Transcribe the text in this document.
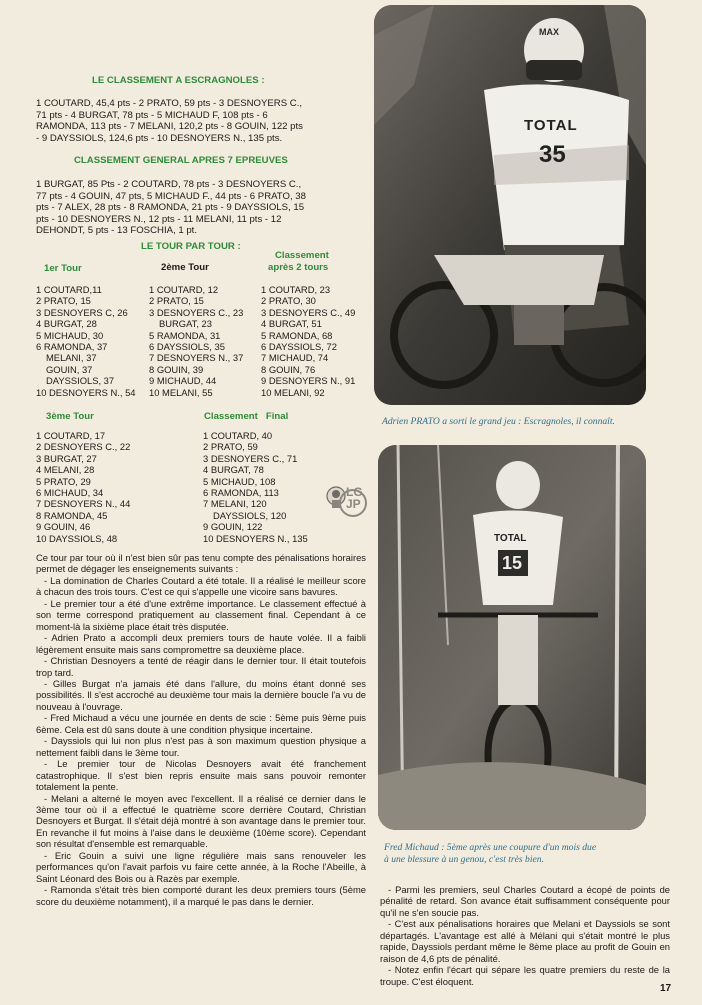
LE CLASSEMENT A ESCRAGNOLES :
1 COUTARD, 45,4 pts - 2 PRATO, 59 pts - 3 DESNOYERS C.,
71 pts - 4 BURGAT, 78 pts - 5 MICHAUD F, 108 pts - 6
RAMONDA, 113 pts - 7 MELANI, 120,2 pts - 8 GOUIN, 122 pts
- 9 DAYSSIOLS, 124,6 pts - 10 DESNOYERS N., 135 pts.
CLASSEMENT GENERAL APRES 7 EPREUVES
1 BURGAT, 85 Pts - 2 COUTARD, 78 pts - 3 DESNOYERS C.,
77 pts - 4 GOUIN, 47 pts, 5 MICHAUD F., 44 pts - 6 PRATO, 38
pts - 7 ALEX, 28 pts - 8 RAMONDA, 21 pts - 9 DAYSSIOLS, 15
pts - 10 DESNOYERS N., 12 pts - 11 MELANI, 11 pts - 12
DEHONDT, 5 pts - 13 FOSCHIA, 1 pt.
LE TOUR PAR TOUR :
Classement
après 2 tours
1er Tour	2ème Tour
1 COUTARD,11
2 PRATO, 15
3 DESNOYERS C, 26
4 BURGAT, 28
5 MICHAUD, 30
6 RAMONDA, 37
MELANI, 37
GOUIN, 37
DAYSSIOLS, 37
10 DESNOYERS N., 54
1 COUTARD, 12
2 PRATO, 15
3 DESNOYERS C., 23
BURGAT, 23
5 RAMONDA, 31
6 DAYSSIOLS, 35
7 DESNOYERS N., 37
8 GOUIN, 39
9 MICHAUD, 44
10 MELANI, 55
1 COUTARD, 23
2 PRATO, 30
3 DESNOYERS C., 49
4 BURGAT, 51
5 RAMONDA, 68
6 DAYSSIOLS, 72
7 MICHAUD, 74
8 GOUIN, 76
9 DESNOYERS N., 91
10 MELANI, 92
3ème Tour	Classement   Final
1 COUTARD, 17
2 DESNOYERS C., 22
3 BURGAT, 27
4 MELANI, 28
5 PRATO, 29
6 MICHAUD, 34
7 DESNOYERS N., 44
8 RAMONDA, 45
9 GOUIN, 46
10 DAYSSIOLS, 48
1 COUTARD, 40
2 PRATO, 59
3 DESNOYERS C., 71
4 BURGAT, 78
5 MICHAUD, 108
6 RAMONDA, 113
7 MELANI, 120
DAYSSIOLS, 120
9 GOUIN, 122
10 DESNOYERS N., 135
LG JP

Ce tour par tour où il n'est bien sûr pas tenu compte des pénalisations horaires permet de dégager les enseignements suivants :

- La domination de Charles Coutard a été totale. Il a réalisé le meilleur score à chacun des trois tours. C'est ce qui s'appelle une vicoire sans bavures.

- Le premier tour a été d'une extrême importance. Le classement effectué à son terme correspond pratiquement au classement final. Cependant à ce moment-là la sixième place était très disputée.

- Adrien Prato a accompli deux premiers tours de haute volée. Il a faibli légèrement ensuite mais sans compromettre sa deuxième place.

- Christian Desnoyers a tenté de réagir dans le dernier tour. Il était toutefois trop tard.

- Gilles Burgat n'a jamais été dans l'allure, du moins étant donné ses possibilités. Il s'est accroché au deuxième tour mais la dernière boucle l'a vu de nouveau à l'ouvrage.

- Fred Michaud a vécu une journée en dents de scie : 5ème puis 9ème puis 6ème. Cela est dû sans doute à une condition physique incertaine.

- Dayssiols qui lui non plus n'est pas à son maximum question physique a nettement faibli dans le 3ème tour.

- Le premier tour de Nicolas Desnoyers avait été franchement catastrophique. Il s'est bien repris ensuite mais sans pouvoir remonter totalement la pente.

- Melani a alterné le moyen avec l'excellent. Il a réalisé ce dernier dans le 3ème tour où il a effectué le quatrième score derrière Coutard, Christian Desnoyers et Burgat. Il s'était déjà montré à son avantage dans le premier tour. En revanche il fut moins à l'aise dans le deuxième (10ème score). Cependant son résultat d'ensemble est remarquable.

- Eric Gouin a suivi une ligne régulière mais sans renouveler les performances qu'on l'avait parfois vu faire cette année, à la Roche l'Abeille, à Saint Léonard des Bois ou à Razès par exemple.

- Ramonda s'était très bien comporté durant les deux premiers tours (5ème score du deuxième notamment), il a marqué le pas dans le dernier.

MAX
TOTAL
35
Adrien PRATO a sorti le grand jeu : Escragnoles, il connaît.
TOTAL
15
Fred Michaud : 5ème après une coupure d'un mois due
à une blessure à un genou, c'est très bien.

- Parmi les premiers, seul Charles Coutard a écopé de points de pénalité de retard. Son avance était suffisamment conséquente pour qu'il ne s'en soucie pas.

- C'est aux pénalisations horaires que Melani et Dayssiols se sont départagés. L'avantage est allé à Mélani qui s'était montré le plus rapide, Dayssiols perdant même le 8ème place au profit de Gouin en raison de 4,6 pts de pénalité.

- Notez enfin l'écart qui sépare les quatre premiers du reste de la troupe. C'est éloquent.

17
